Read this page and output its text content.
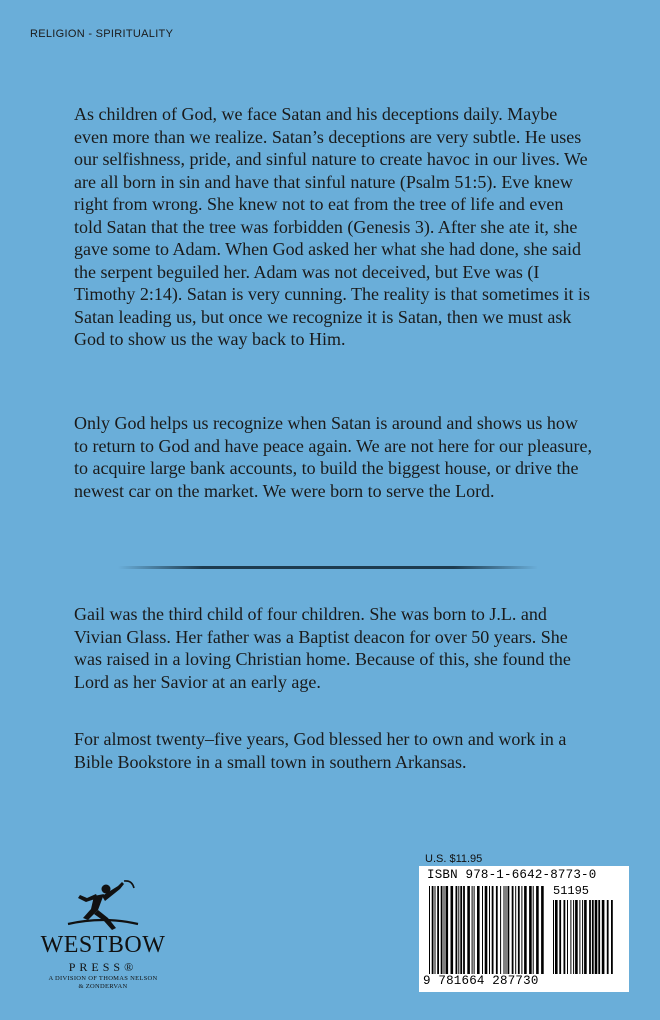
RELIGION - SPIRITUALITY

As children of God, we face Satan and his deceptions daily. Maybe even more than we realize. Satan’s deceptions are very subtle. He uses our selfishness, pride, and sinful nature to create havoc in our lives. We are all born in sin and have that sinful nature (Psalm 51:5). Eve knew right from wrong. She knew not to eat from the tree of life and even told Satan that the tree was forbidden (Genesis 3). After she ate it, she gave some to Adam. When God asked her what she had done, she said the serpent beguiled her. Adam was not deceived, but Eve was (I Timothy 2:14). Satan is very cunning. The reality is that sometimes it is Satan leading us, but once we recognize it is Satan, then we must ask God to show us the way back to Him.

Only God helps us recognize when Satan is around and shows us how to return to God and have peace again. We are not here for our pleasure, to acquire large bank accounts, to build the biggest house, or drive the newest car on the market. We were born to serve the Lord.

Gail was the third child of four children. She was born to J.L. and Vivian Glass. Her father was a Baptist deacon for over 50 years. She was raised in a loving Christian home. Because of this, she found the Lord as her Savior at an early age.

For almost twenty–five years, God blessed her to own and work in a Bible Bookstore in a small town in southern Arkansas.

WESTBOW
PRESS®
A DIVISION OF THOMAS NELSON
& ZONDERVAN
U.S. $11.95
ISBN 978-1-6642-8773-0
51195
9 781664 287730
